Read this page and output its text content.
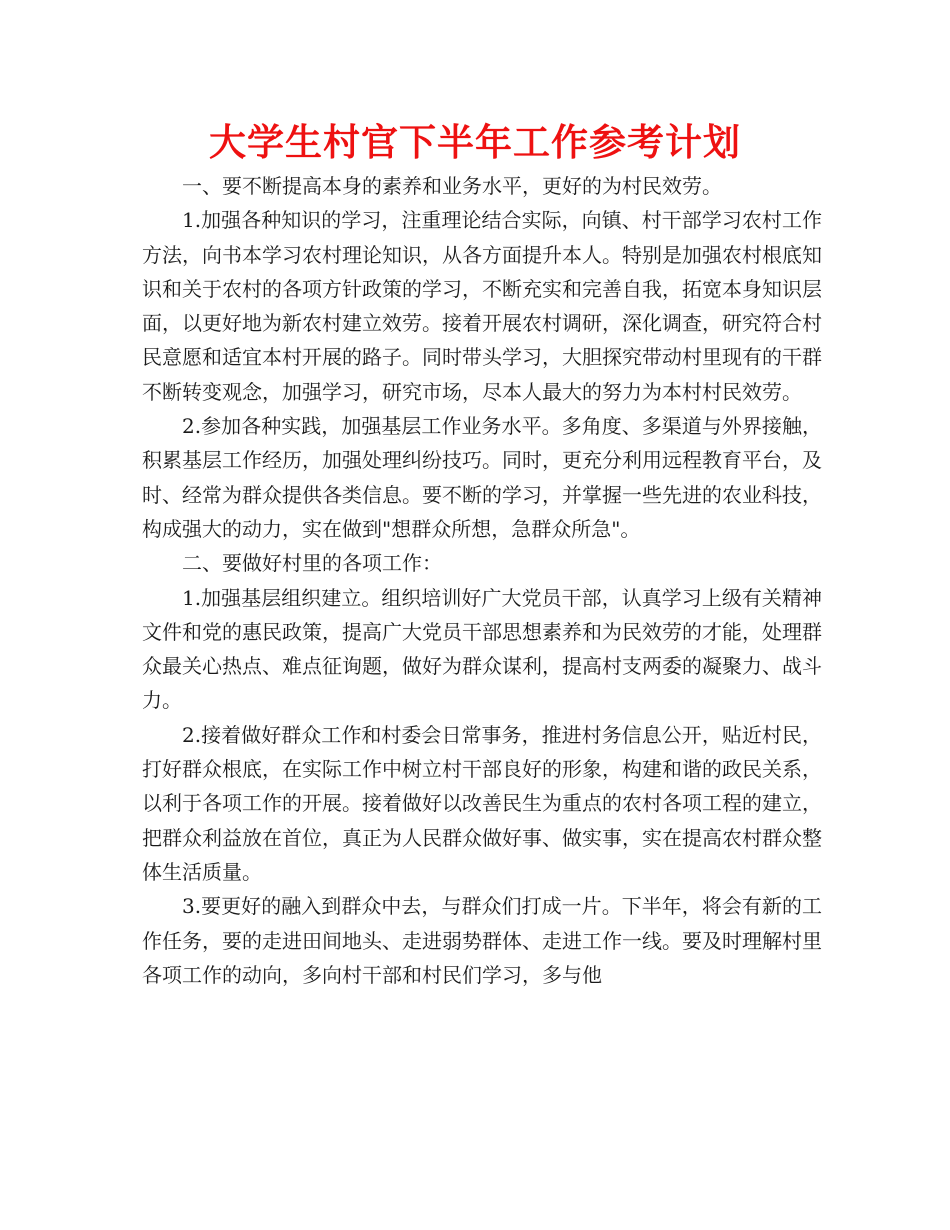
大学生村官下半年工作参考计划

一、要不断提高本身的素养和业务水平，更好的为村民效劳。

1.加强各种知识的学习，注重理论结合实际，向镇、村干部学习农村工作方法，向书本学习农村理论知识，从各方面提升本人。特别是加强农村根底知识和关于农村的各项方针政策的学习，不断充实和完善自我，拓宽本身知识层面，以更好地为新农村建立效劳。接着开展农村调研，深化调查，研究符合村民意愿和适宜本村开展的路子。同时带头学习，大胆探究带动村里现有的干群不断转变观念，加强学习，研究市场，尽本人最大的努力为本村村民效劳。

2.参加各种实践，加强基层工作业务水平。多角度、多渠道与外界接触，积累基层工作经历，加强处理纠纷技巧。同时，更充分利用远程教育平台，及时、经常为群众提供各类信息。要不断的学习，并掌握一些先进的农业科技，构成强大的动力，实在做到"想群众所想，急群众所急"。

二、要做好村里的各项工作：

1.加强基层组织建立。组织培训好广大党员干部，认真学习上级有关精神文件和党的惠民政策，提高广大党员干部思想素养和为民效劳的才能，处理群众最关心热点、难点征询题，做好为群众谋利，提高村支两委的凝聚力、战斗力。

2.接着做好群众工作和村委会日常事务，推进村务信息公开，贴近村民，打好群众根底，在实际工作中树立村干部良好的形象，构建和谐的政民关系，以利于各项工作的开展。接着做好以改善民生为重点的农村各项工程的建立，把群众利益放在首位，真正为人民群众做好事、做实事，实在提高农村群众整体生活质量。

3.要更好的融入到群众中去，与群众们打成一片。下半年，将会有新的工作任务，要的走进田间地头、走进弱势群体、走进工作一线。要及时理解村里各项工作的动向，多向村干部和村民们学习，多与他
